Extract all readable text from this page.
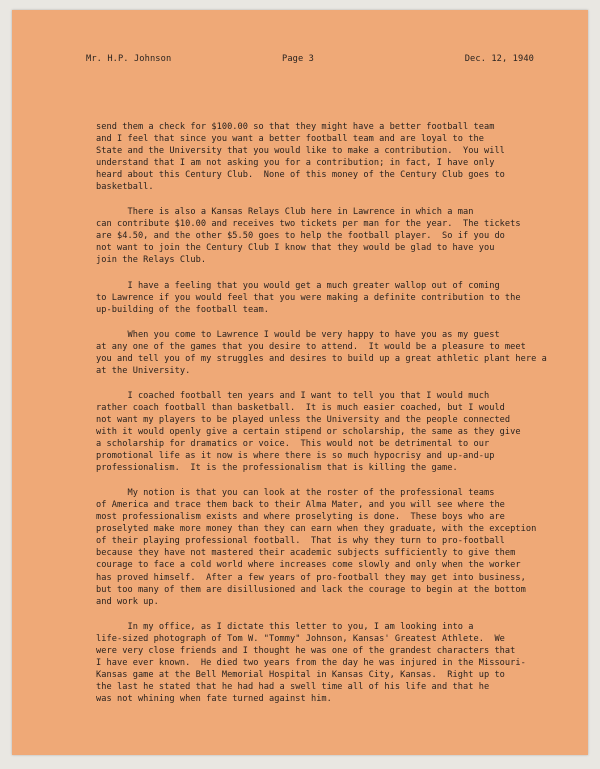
Mr. H.P. Johnson	Page 3	Dec. 12, 1940
send them a check for $100.00 so that they might have a better football team
and I feel that since you want a better football team and are loyal to the
State and the University that you would like to make a contribution.  You will
understand that I am not asking you for a contribution; in fact, I have only
heard about this Century Club.  None of this money of the Century Club goes to
basketball.
There is also a Kansas Relays Club here in Lawrence in which a man
can contribute $10.00 and receives two tickets per man for the year.  The tickets
are $4.50, and the other $5.50 goes to help the football player.  So if you do
not want to join the Century Club I know that they would be glad to have you
join the Relays Club.
I have a feeling that you would get a much greater wallop out of coming
to Lawrence if you would feel that you were making a definite contribution to the
up-building of the football team.
When you come to Lawrence I would be very happy to have you as my guest
at any one of the games that you desire to attend.  It would be a pleasure to meet
you and tell you of my struggles and desires to build up a great athletic plant here a
at the University.
I coached football ten years and I want to tell you that I would much
rather coach football than basketball.  It is much easier coached, but I would
not want my players to be played unless the University and the people connected
with it would openly give a certain stipend or scholarship, the same as they give
a scholarship for dramatics or voice.  This would not be detrimental to our
promotional life as it now is where there is so much hypocrisy and up-and-up
professionalism.  It is the professionalism that is killing the game.
My notion is that you can look at the roster of the professional teams
of America and trace them back to their Alma Mater, and you will see where the
most professionalism exists and where proselyting is done.  These boys who are
proselyted make more money than they can earn when they graduate, with the exception
of their playing professional football.  That is why they turn to pro-football
because they have not mastered their academic subjects sufficiently to give them
courage to face a cold world where increases come slowly and only when the worker
has proved himself.  After a few years of pro-football they may get into business,
but too many of them are disillusioned and lack the courage to begin at the bottom
and work up.
In my office, as I dictate this letter to you, I am looking into a
life-sized photograph of Tom W. "Tommy" Johnson, Kansas' Greatest Athlete.  We
were very close friends and I thought he was one of the grandest characters that
I have ever known.  He died two years from the day he was injured in the Missouri-
Kansas game at the Bell Memorial Hospital in Kansas City, Kansas.  Right up to
the last he stated that he had had a swell time all of his life and that he
was not whining when fate turned against him.
